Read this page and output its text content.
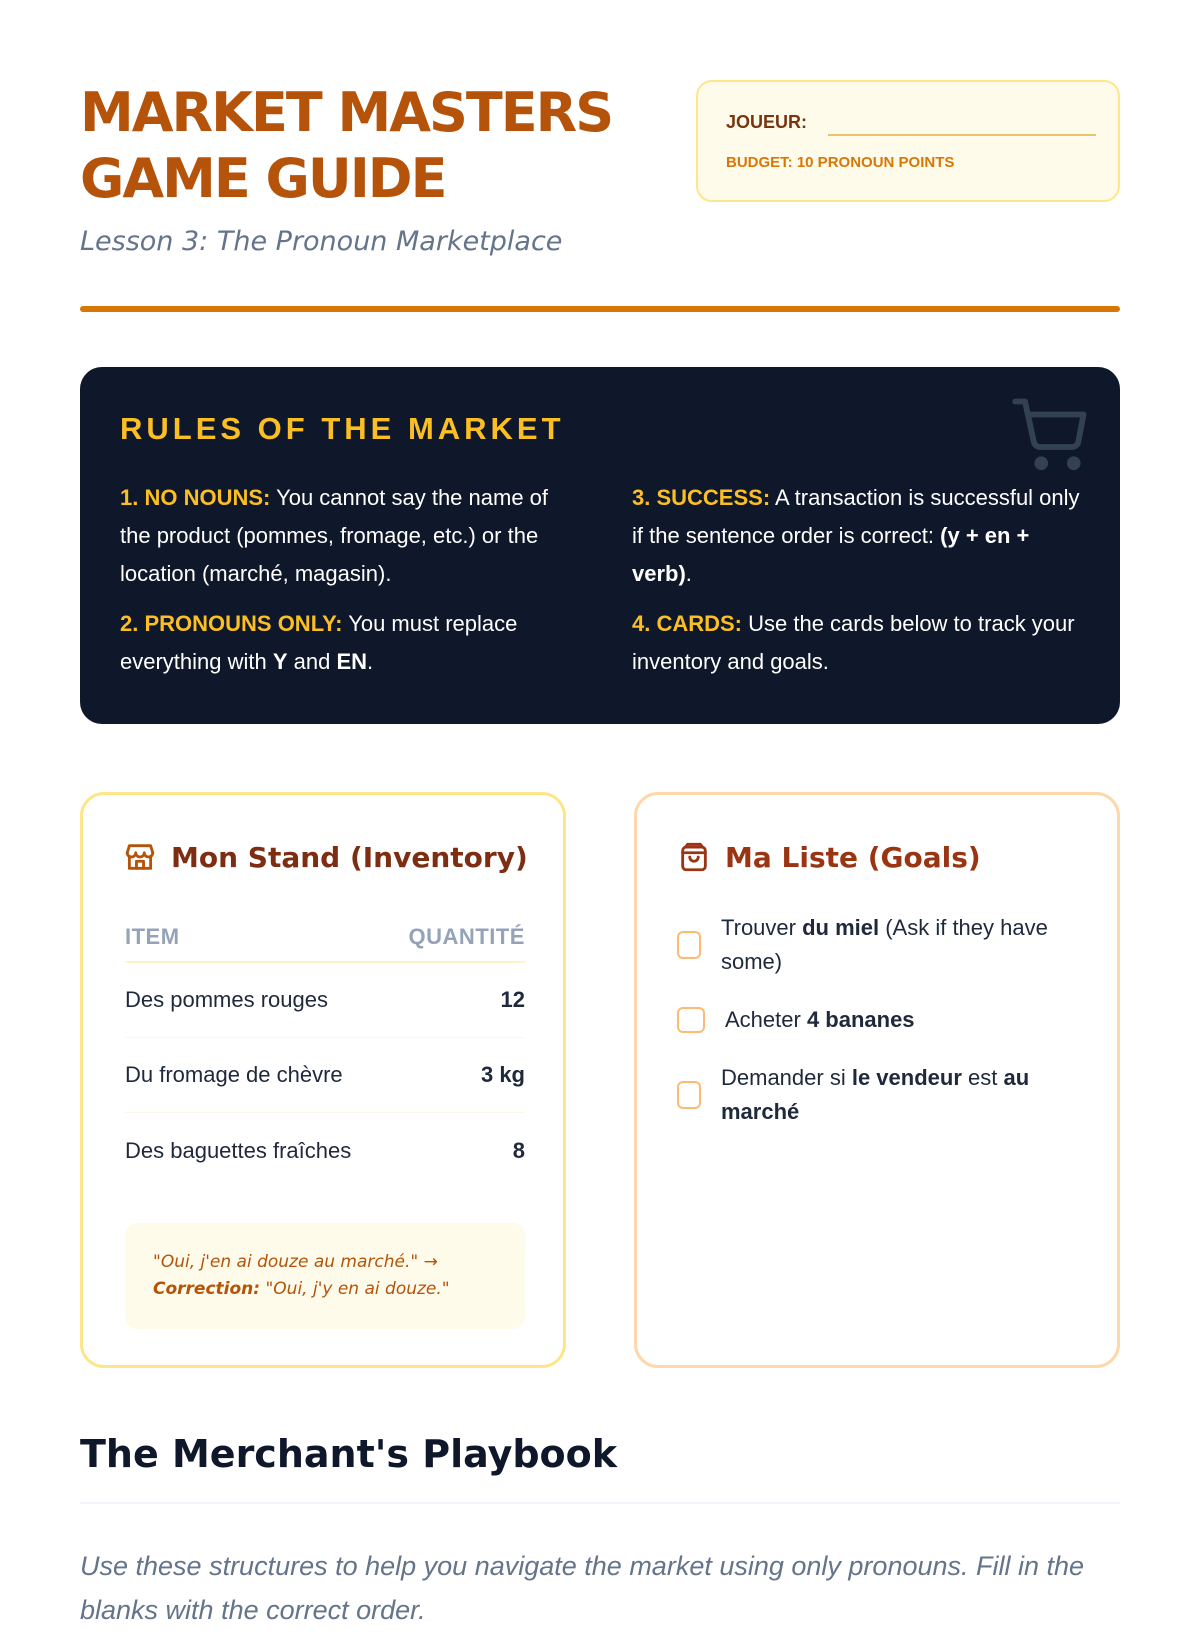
MARKET MASTERS GAME GUIDE
Lesson 3: The Pronoun Marketplace
JOUEUR:
BUDGET: 10 PRONOUN POINTS
RULES OF THE MARKET

1. NO NOUNS: You cannot say the name of the product (pommes, fromage, etc.) or the location (marché, magasin).

2. PRONOUNS ONLY: You must replace everything with Y and EN.

3. SUCCESS: A transaction is successful only if the sentence order is correct: (y + en + verb).

4. CARDS: Use the cards below to track your inventory and goals.

Mon Stand (Inventory)
ITEM	QUANTITÉ
Des pommes rouges	12
Du fromage de chèvre	3 kg
Des baguettes fraîches	8
"Oui, j'en ai douze au marché." →
Correction: "Oui, j'y en ai douze."
Ma Liste (Goals)
Trouver du miel (Ask if they have some)
Acheter 4 bananes
Demander si le vendeur est au marché
The Merchant's Playbook
Use these structures to help you navigate the market using only pronouns. Fill in the blanks with the correct order.
